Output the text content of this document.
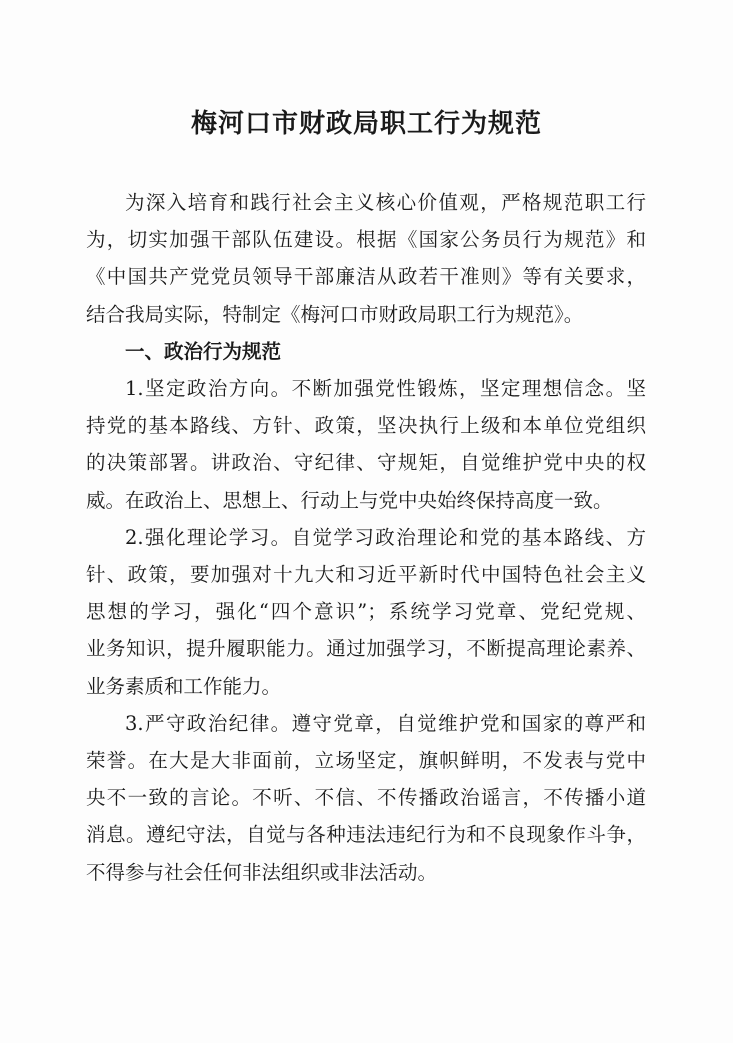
梅河口市财政局职工行为规范

为深入培育和践行社会主义核心价值观，严格规范职工行
为，切实加强干部队伍建设。根据《国家公务员行为规范》和
《中国共产党党员领导干部廉洁从政若干准则》等有关要求，
结合我局实际，特制定《梅河口市财政局职工行为规范》。

一、政治行为规范

1.坚定政治方向。不断加强党性锻炼，坚定理想信念。坚
持党的基本路线、方针、政策，坚决执行上级和本单位党组织
的决策部署。讲政治、守纪律、守规矩，自觉维护党中央的权
威。在政治上、思想上、行动上与党中央始终保持高度一致。

2.强化理论学习。自觉学习政治理论和党的基本路线、方
针、政策，要加强对十九大和习近平新时代中国特色社会主义
思想的学习，强化“四个意识”；系统学习党章、党纪党规、
业务知识，提升履职能力。通过加强学习，不断提高理论素养、
业务素质和工作能力。

3.严守政治纪律。遵守党章，自觉维护党和国家的尊严和
荣誉。在大是大非面前，立场坚定，旗帜鲜明，不发表与党中
央不一致的言论。不听、不信、不传播政治谣言，不传播小道
消息。遵纪守法，自觉与各种违法违纪行为和不良现象作斗争，
不得参与社会任何非法组织或非法活动。
